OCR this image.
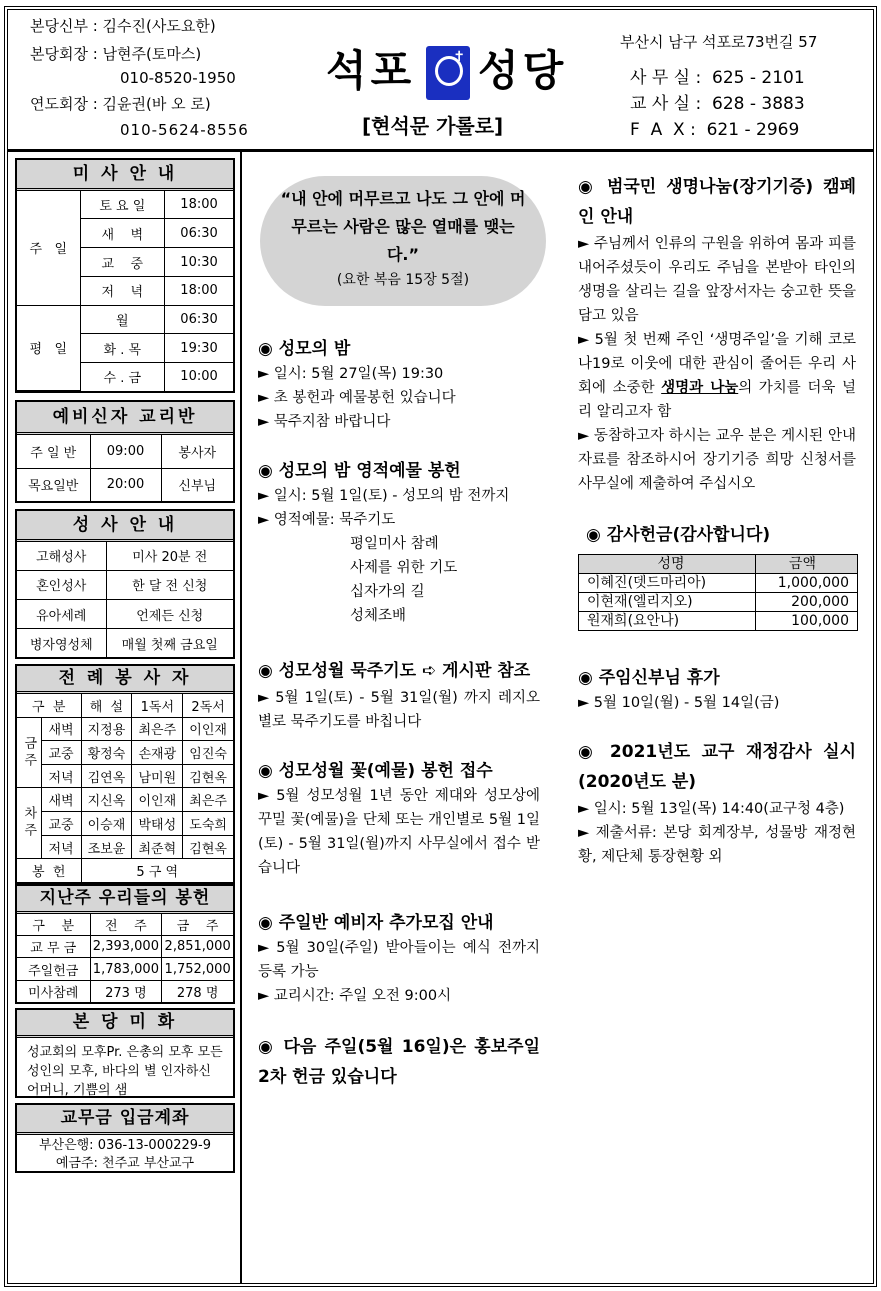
본당신부 : 김수진(사도요한)
본당회장 : 남현주(토마스)
010-8520-1950
연도회장 : 김윤권(바 오 로)
010-5624-8556
석포	✝ 성당
[현석문 가롤로]
부산시 남구 석포로73번길 57
사 무 실 :  625 - 2101
교 사 실 :  628 - 3883
F  A  X :  621 - 2969
미 사 안 내
주   일	토 요 일	18:00
	새    벽	06:30
	교    중	10:30
	저    녁	18:00
평   일	월	06:30
	화 . 목	19:30
	수 . 금	10:00
예비신자 교리반
주 일 반	09:00	봉사자
목요일반	20:00	신부님
성 사 안 내
고해성사	미사 20분 전
혼인성사	한 달 전 신청
유아세례	언제든 신청
병자영성체	매월 첫째 금요일
전 례 봉 사 자
구  분		해  설	1독서	2독서
금주	새벽	지정용	최은주	이인재
	교중	황정숙	손재광	임진숙
	저녁	김연옥	남미원	김현옥
차주	새벽	지신옥	이인재	최은주
	교중	이승재	박태성	도숙희
	저녁	조보윤	최준혁	김현옥
봉  헌		5 구 역		
지난주 우리들의 봉헌
구    분	전    주	금    주
교 무 금	2,393,000	2,851,000
주일헌금	1,783,000	1,752,000
미사참례	273 명	278 명
본 당 미 화
성교회의 모후Pr. 은총의 모후 모든 성인의 모후, 바다의 별 인자하신 어머니, 기쁨의 샘
교무금 입금계좌
부산은행: 036-13-000229-9
예금주: 천주교 부산교구
“내 안에 머무르고 나도 그 안에 머무르는 사람은 많은 열매를 맺는다.”
(요한 복음 15장 5절)
◉ 성모의 밤
► 일시: 5월 27일(목) 19:30
► 초 봉헌과 예물봉헌 있습니다
► 묵주지참 바랍니다
◉ 성모의 밤 영적예물 봉헌
► 일시: 5월 1일(토) - 성모의 밤 전까지
► 영적예물: 묵주기도
평일미사 참례
사제를 위한 기도
십자가의 길
성체조배
◉ 성모성월 묵주기도 ➪ 게시판 참조
► 5월 1일(토) - 5월 31일(월) 까지 레지오 별로 묵주기도를 바칩니다
◉ 성모성월 꽃(예물) 봉헌 접수
► 5월 성모성월 1년 동안 제대와 성모상에 꾸밀 꽃(예물)을 단체 또는 개인별로 5월 1일(토) - 5월 31일(월)까지 사무실에서 접수 받습니다
◉ 주일반 예비자 추가모집 안내
► 5월 30일(주일) 받아들이는 예식 전까지 등록 가능
► 교리시간: 주일 오전 9:00시
◉ 다음 주일(5월 16일)은 홍보주일 2차 헌금 있습니다
◉ 범국민 생명나눔(장기기증) 캠페인 안내
► 주님께서 인류의 구원을 위하여 몸과 피를 내어주셨듯이 우리도 주님을 본받아 타인의 생명을 살리는 길을 앞장서자는 숭고한 뜻을 담고 있음
► 5월 첫 번째 주인 ‘생명주일’을 기해 코로나19로 이웃에 대한 관심이 줄어든 우리 사회에 소중한 생명과 나눔의 가치를 더욱 널리 알리고자 함
► 동참하고자 하시는 교우 분은 게시된 안내 자료를 참조하시어 장기기증 희망 신청서를 사무실에 제출하여 주십시오
◉ 감사헌금(감사합니다)
성명	금액
이혜진(뎃드마리아)	1,000,000
이현재(엘리지오)	200,000
원재희(요안나)	100,000
◉ 주임신부님 휴가
► 5월 10일(월) - 5월 14일(금)
◉ 2021년도 교구 재정감사 실시 (2020년도 분)
► 일시: 5월 13일(목) 14:40(교구청 4층)
► 제출서류: 본당 회계장부, 성물방 재정현황, 제단체 통장현황 외
